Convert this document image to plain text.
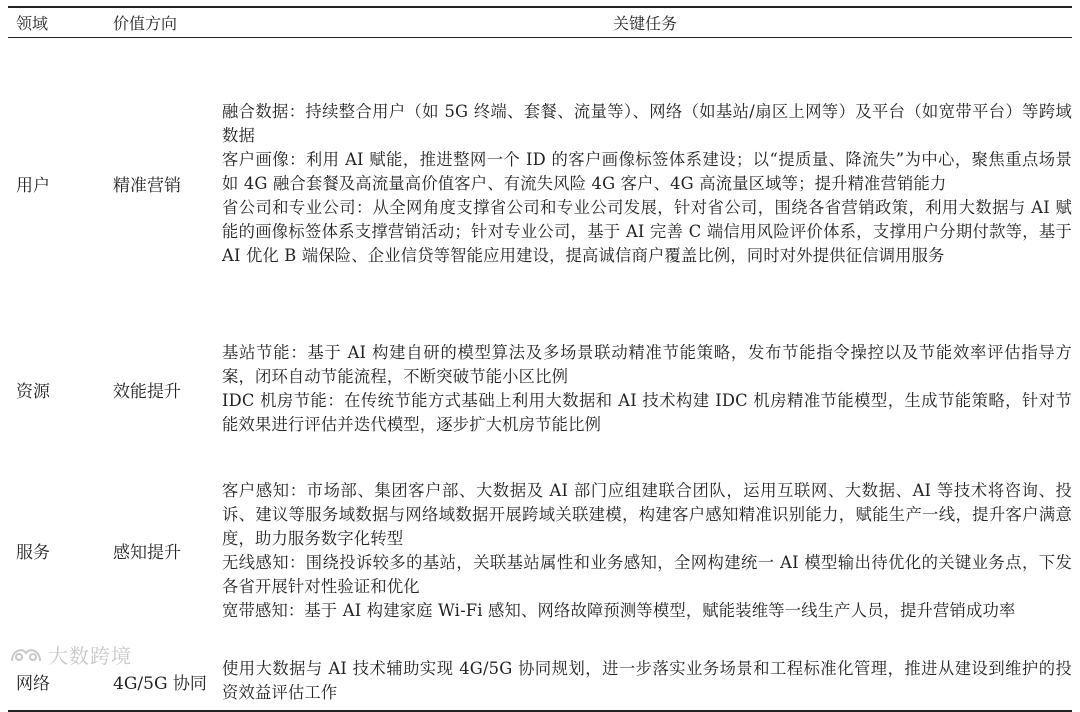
领域	价值方向	关键任务
用户	精准营销	融合数据：持续整合用户（如 5G 终端、套餐、流量等）、网络（如基站/扇区上网等）及平台（如宽带平台）等跨域数据
客户画像：利用 AI 赋能，推进整网一个 ID 的客户画像标签体系建设；以“提质量、降流失”为中心，聚焦重点场景如 4G 融合套餐及高流量高价值客户、有流失风险 4G 客户、4G 高流量区域等；提升精准营销能力
省公司和专业公司：从全网角度支撑省公司和专业公司发展，针对省公司，围绕各省营销政策，利用大数据与 AI 赋能的画像标签体系支撑营销活动；针对专业公司，基于 AI 完善 C 端信用风险评价体系，支撑用户分期付款等，基于 AI 优化 B 端保险、企业信贷等智能应用建设，提高诚信商户覆盖比例，同时对外提供征信调用服务

资源	效能提升	基站节能：基于 AI 构建自研的模型算法及多场景联动精准节能策略，发布节能指令操控以及节能效率评估指导方案，闭环自动节能流程，不断突破节能小区比例
IDC 机房节能：在传统节能方式基础上利用大数据和 AI 技术构建 IDC 机房精准节能模型，生成节能策略，针对节能效果进行评估并迭代模型，逐步扩大机房节能比例

服务	感知提升	客户感知：市场部、集团客户部、大数据及 AI 部门应组建联合团队，运用互联网、大数据、AI 等技术将咨询、投诉、建议等服务域数据与网络域数据开展跨域关联建模，构建客户感知精准识别能力，赋能生产一线，提升客户满意度，助力服务数字化转型
无线感知：围绕投诉较多的基站，关联基站属性和业务感知，全网构建统一 AI 模型输出待优化的关键业务点，下发各省开展针对性验证和优化
宽带感知：基于 AI 构建家庭 Wi-Fi 感知、网络故障预测等模型，赋能装维等一线生产人员，提升营销成功率

网络	4G/5G 协同	使用大数据与 AI 技术辅助实现 4G/5G 协同规划，进一步落实业务场景和工程标准化管理，推进从建设到维护的投资效益评估工作
大数跨境
